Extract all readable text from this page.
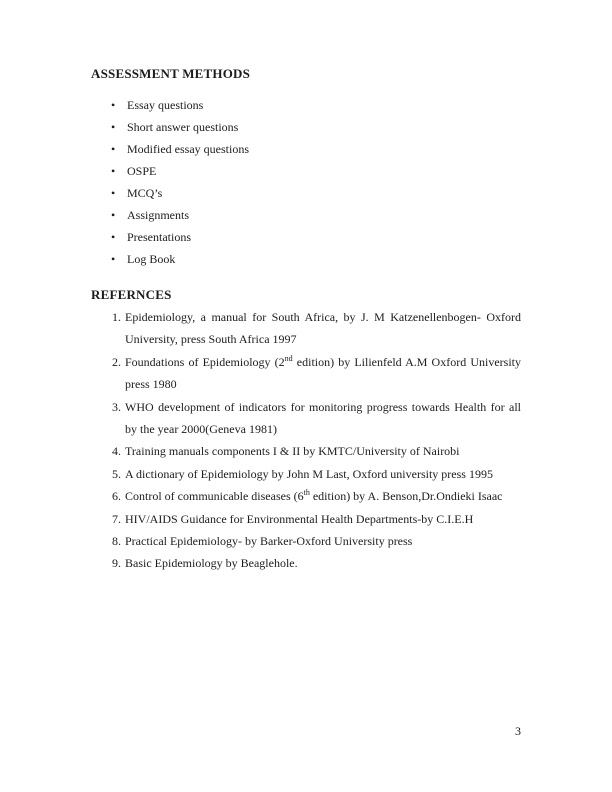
ASSESSMENT METHODS
• Essay questions
• Short answer questions
• Modified essay questions
• OSPE
• MCQ’s
• Assignments
• Presentations
• Log Book
REFERNCES
1. Epidemiology, a manual for South Africa, by J. M Katzenellenbogen- Oxford University, press South Africa 1997
2. Foundations of Epidemiology (2nd edition) by Lilienfeld A.M Oxford University press 1980
3. WHO development of indicators for monitoring progress towards Health for all by the year 2000(Geneva 1981)
4. Training manuals components I & II by KMTC/University of Nairobi
5. A dictionary of Epidemiology by John M Last, Oxford university press 1995
6. Control of communicable diseases (6th edition) by A. Benson,Dr.Ondieki Isaac
7. HIV/AIDS Guidance for Environmental Health Departments-by C.I.E.H
8. Practical Epidemiology- by Barker-Oxford University press
9. Basic Epidemiology by Beaglehole.
3
